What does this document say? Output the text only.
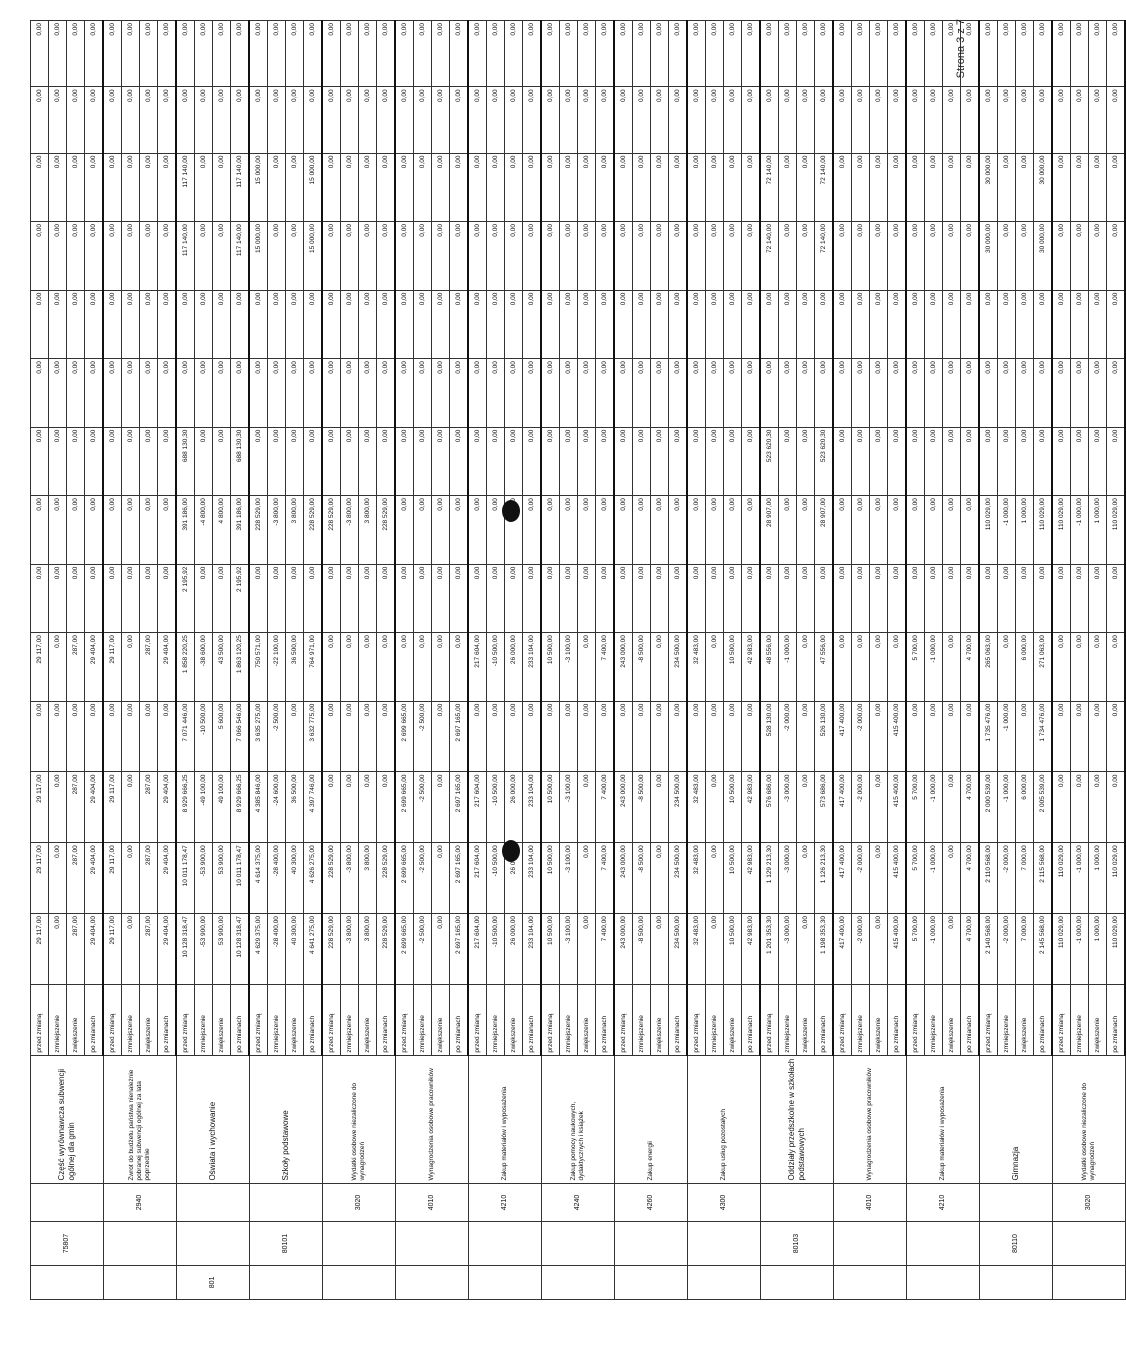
	75807		Część wyrównawcza subwencji ogólnej dla gmin	przed zmianą	29 117,00	29 117,00	29 117,00	0,00	29 117,00	0,00	0,00	0,00	0,00	0,00	0,00	0,00	0,00	0,00
				zmniejszenie	0,00	0,00	0,00	0,00	0,00	0,00	0,00	0,00	0,00	0,00	0,00	0,00	0,00	0,00
				zwiększenie	287,00	287,00	287,00	0,00	287,00	0,00	0,00	0,00	0,00	0,00	0,00	0,00	0,00	0,00
				po zmianach	29 404,00	29 404,00	29 404,00	0,00	29 404,00	0,00	0,00	0,00	0,00	0,00	0,00	0,00	0,00	0,00
		2940	Zwrot do budżetu państwa nienależnie pobranej subwencji ogólnej za lata poprzednie	przed zmianą	29 117,00	29 117,00	29 117,00	0,00	29 117,00	0,00	0,00	0,00	0,00	0,00	0,00	0,00	0,00	0,00
				zmniejszenie	0,00	0,00	0,00	0,00	0,00	0,00	0,00	0,00	0,00	0,00	0,00	0,00	0,00	0,00
				zwiększenie	287,00	287,00	287,00	0,00	287,00	0,00	0,00	0,00	0,00	0,00	0,00	0,00	0,00	0,00
				po zmianach	29 404,00	29 404,00	29 404,00	0,00	29 404,00	0,00	0,00	0,00	0,00	0,00	0,00	0,00	0,00	0,00
801			Oświata i wychowanie	przed zmianą	10 128 318,47	10 011 178,47	8 929 666,25	7 071 446,00	1 858 220,25	2 195,92	391 186,00	688 130,30	0,00	0,00	117 140,00	117 140,00	0,00	0,00
				zmniejszenie	-53 900,00	-53 900,00	-49 100,00	-10 500,00	-38 600,00	0,00	-4 800,00	0,00	0,00	0,00	0,00	0,00	0,00	0,00
				zwiększenie	53 900,00	53 900,00	49 100,00	5 600,00	43 500,00	0,00	4 800,00	0,00	0,00	0,00	0,00	0,00	0,00	0,00
				po zmianach	10 128 318,47	10 011 178,47	8 929 666,25	7 066 546,00	1 863 120,25	2 195,92	391 186,00	688 130,30	0,00	0,00	117 140,00	117 140,00	0,00	0,00
	80101		Szkoły podstawowe	przed zmianą	4 629 375,00	4 614 375,00	4 385 846,00	3 635 275,00	750 571,00	0,00	228 529,00	0,00	0,00	0,00	15 000,00	15 000,00	0,00	0,00
				zmniejszenie	-28 400,00	-28 400,00	-24 600,00	-2 500,00	-22 100,00	0,00	-3 800,00	0,00	0,00	0,00	0,00	0,00	0,00	0,00
				zwiększenie	40 300,00	40 300,00	36 500,00	0,00	36 500,00	0,00	3 800,00	0,00	0,00	0,00	0,00	0,00	0,00	0,00
				po zmianach	4 641 275,00	4 626 275,00	4 397 746,00	3 632 775,00	764 971,00	0,00	228 529,00	0,00	0,00	0,00	15 000,00	15 000,00	0,00	0,00
		3020	Wydatki osobowe niezaliczone do wynagrodzeń	przed zmianą	228 529,00	228 529,00	0,00	0,00	0,00	0,00	228 529,00	0,00	0,00	0,00	0,00	0,00	0,00	0,00
				zmniejszenie	-3 800,00	-3 800,00	0,00	0,00	0,00	0,00	-3 800,00	0,00	0,00	0,00	0,00	0,00	0,00	0,00
				zwiększenie	3 800,00	3 800,00	0,00	0,00	0,00	0,00	3 800,00	0,00	0,00	0,00	0,00	0,00	0,00	0,00
				po zmianach	228 529,00	228 529,00	0,00	0,00	0,00	0,00	228 529,00	0,00	0,00	0,00	0,00	0,00	0,00	0,00
		4010	Wynagrodzenia osobowe pracowników	przed zmianą	2 699 665,00	2 699 665,00	2 699 665,00	2 699 665,00	0,00	0,00	0,00	0,00	0,00	0,00	0,00	0,00	0,00	0,00
				zmniejszenie	-2 500,00	-2 500,00	-2 500,00	-2 500,00	0,00	0,00	0,00	0,00	0,00	0,00	0,00	0,00	0,00	0,00
				zwiększenie	0,00	0,00	0,00	0,00	0,00	0,00	0,00	0,00	0,00	0,00	0,00	0,00	0,00	0,00
				po zmianach	2 697 165,00	2 697 165,00	2 697 165,00	2 697 165,00	0,00	0,00	0,00	0,00	0,00	0,00	0,00	0,00	0,00	0,00
		4210	Zakup materiałów i wyposażenia	przed zmianą	217 604,00	217 604,00	217 604,00	0,00	217 604,00	0,00	0,00	0,00	0,00	0,00	0,00	0,00	0,00	0,00
				zmniejszenie	-10 500,00	-10 500,00	-10 500,00	0,00	-10 500,00	0,00	0,00	0,00	0,00	0,00	0,00	0,00	0,00	0,00
				zwiększenie	26 000,00		26 000,00	0,00	26 000,00	0,00		0,00	0,00	0,00	0,00	0,00	0,00	0,00
				po zmianach	233 104,00	233 104,00	233 104,00	0,00	233 104,00	0,00	0,00	0,00	0,00	0,00	0,00	0,00	0,00	0,00
		4240	Zakup pomocy naukowych, dydaktycznych i książek	przed zmianą	10 500,00	10 500,00	10 500,00	0,00	10 500,00	0,00	0,00	0,00	0,00	0,00	0,00	0,00	0,00	0,00
				zmniejszenie	-3 100,00	-3 100,00	-3 100,00	0,00	-3 100,00	0,00	0,00	0,00	0,00	0,00	0,00	0,00	0,00	0,00
				zwiększenie	0,00	0,00	0,00	0,00	0,00	0,00	0,00	0,00	0,00	0,00	0,00	0,00	0,00	0,00
				po zmianach	7 400,00	7 400,00	7 400,00	0,00	7 400,00	0,00	0,00	0,00	0,00	0,00	0,00	0,00	0,00	0,00
		4260	Zakup energii	przed zmianą	243 000,00	243 000,00	243 000,00	0,00	243 000,00	0,00	0,00	0,00	0,00	0,00	0,00	0,00	0,00	0,00
				zmniejszenie	-8 500,00	-8 500,00	-8 500,00	0,00	-8 500,00	0,00	0,00	0,00	0,00	0,00	0,00	0,00	0,00	0,00
				zwiększenie	0,00	0,00	0,00	0,00	0,00	0,00	0,00	0,00	0,00	0,00	0,00	0,00	0,00	0,00
				po zmianach	234 500,00	234 500,00	234 500,00	0,00	234 500,00	0,00	0,00	0,00	0,00	0,00	0,00	0,00	0,00	0,00
		4300	Zakup usług pozostałych	przed zmianą	32 483,00	32 483,00	32 483,00	0,00	32 483,00	0,00	0,00	0,00	0,00	0,00	0,00	0,00	0,00	0,00
				zmniejszenie	0,00	0,00	0,00	0,00	0,00	0,00	0,00	0,00	0,00	0,00	0,00	0,00	0,00	0,00
				zwiększenie	10 500,00	10 500,00	10 500,00	0,00	10 500,00	0,00	0,00	0,00	0,00	0,00	0,00	0,00	0,00	0,00
				po zmianach	42 983,00	42 983,00	42 983,00	0,00	42 983,00	0,00	0,00	0,00	0,00	0,00	0,00	0,00	0,00	0,00
	80103		Oddziały przedszkolne w szkołach podstawowych	przed zmianą	1 201 353,30	1 129 213,30	576 686,00	528 130,00	48 556,00	0,00	28 907,00	523 620,30	0,00	0,00	72 140,00	72 140,00	0,00	0,00
				zmniejszenie	-3 000,00	-3 000,00	-3 000,00	-2 000,00	-1 000,00	0,00	0,00	0,00	0,00	0,00	0,00	0,00	0,00	0,00
				zwiększenie	0,00	0,00	0,00	0,00	0,00	0,00	0,00	0,00	0,00	0,00	0,00	0,00	0,00	0,00
				po zmianach	1 198 353,30	1 126 213,30	573 686,00	526 130,00	47 556,00	0,00	28 907,00	523 620,30	0,00	0,00	72 140,00	72 140,00	0,00	0,00
		4010	Wynagrodzenia osobowe pracowników	przed zmianą	417 400,00	417 400,00	417 400,00	417 400,00	0,00	0,00	0,00	0,00	0,00	0,00	0,00	0,00	0,00	0,00
				zmniejszenie	-2 000,00	-2 000,00	-2 000,00	-2 000,00	0,00	0,00	0,00	0,00	0,00	0,00	0,00	0,00	0,00	0,00
				zwiększenie	0,00	0,00	0,00	0,00	0,00	0,00	0,00	0,00	0,00	0,00	0,00	0,00	0,00	0,00
				po zmianach	415 400,00	415 400,00	415 400,00	415 400,00	0,00	0,00	0,00	0,00	0,00	0,00	0,00	0,00	0,00	0,00
		4210	Zakup materiałów i wyposażenia	przed zmianą	5 700,00	5 700,00	5 700,00	0,00	5 700,00	0,00	0,00	0,00	0,00	0,00	0,00	0,00	0,00	0,00
				zmniejszenie	-1 000,00	-1 000,00	-1 000,00	0,00	-1 000,00	0,00	0,00	0,00	0,00	0,00	0,00	0,00	0,00	0,00
				zwiększenie	0,00	0,00	0,00	0,00	0,00	0,00	0,00	0,00	0,00	0,00	0,00	0,00	0,00	0,00
				po zmianach	4 700,00	4 700,00	4 700,00	0,00	4 700,00	0,00	0,00	0,00	0,00	0,00	0,00	0,00	0,00	0,00
	80110		Gimnazja	przed zmianą	2 140 568,00	2 110 568,00	2 000 539,00	1 735 476,00	265 063,00	0,00	110 029,00	0,00	0,00	0,00	30 000,00	30 000,00	0,00	0,00
				zmniejszenie	-2 000,00	-2 000,00	-1 000,00	-1 000,00	0,00	0,00	-1 000,00	0,00	0,00	0,00	0,00	0,00	0,00	0,00
				zwiększenie	7 000,00	7 000,00	6 000,00	0,00	6 000,00	0,00	1 000,00	0,00	0,00	0,00	0,00	0,00	0,00	0,00
				po zmianach	2 145 568,00	2 115 568,00	2 005 539,00	1 734 476,00	271 063,00	0,00	110 029,00	0,00	0,00	0,00	30 000,00	30 000,00	0,00	0,00
		3020	Wydatki osobowe niezaliczone do wynagrodzeń	przed zmianą	110 029,00	110 029,00	0,00	0,00	0,00	0,00	110 029,00	0,00	0,00	0,00	0,00	0,00	0,00	0,00
				zmniejszenie	-1 000,00	-1 000,00	0,00	0,00	0,00	0,00	-1 000,00	0,00	0,00	0,00	0,00	0,00	0,00	0,00
				zwiększenie	1 000,00	1 000,00	0,00	0,00	0,00	0,00	1 000,00	0,00	0,00	0,00	0,00	0,00	0,00	0,00
				po zmianach	110 029,00	110 029,00	0,00	0,00	0,00	0,00	110 029,00	0,00	0,00	0,00	0,00	0,00	0,00	0,00
Strona 3 z 7
